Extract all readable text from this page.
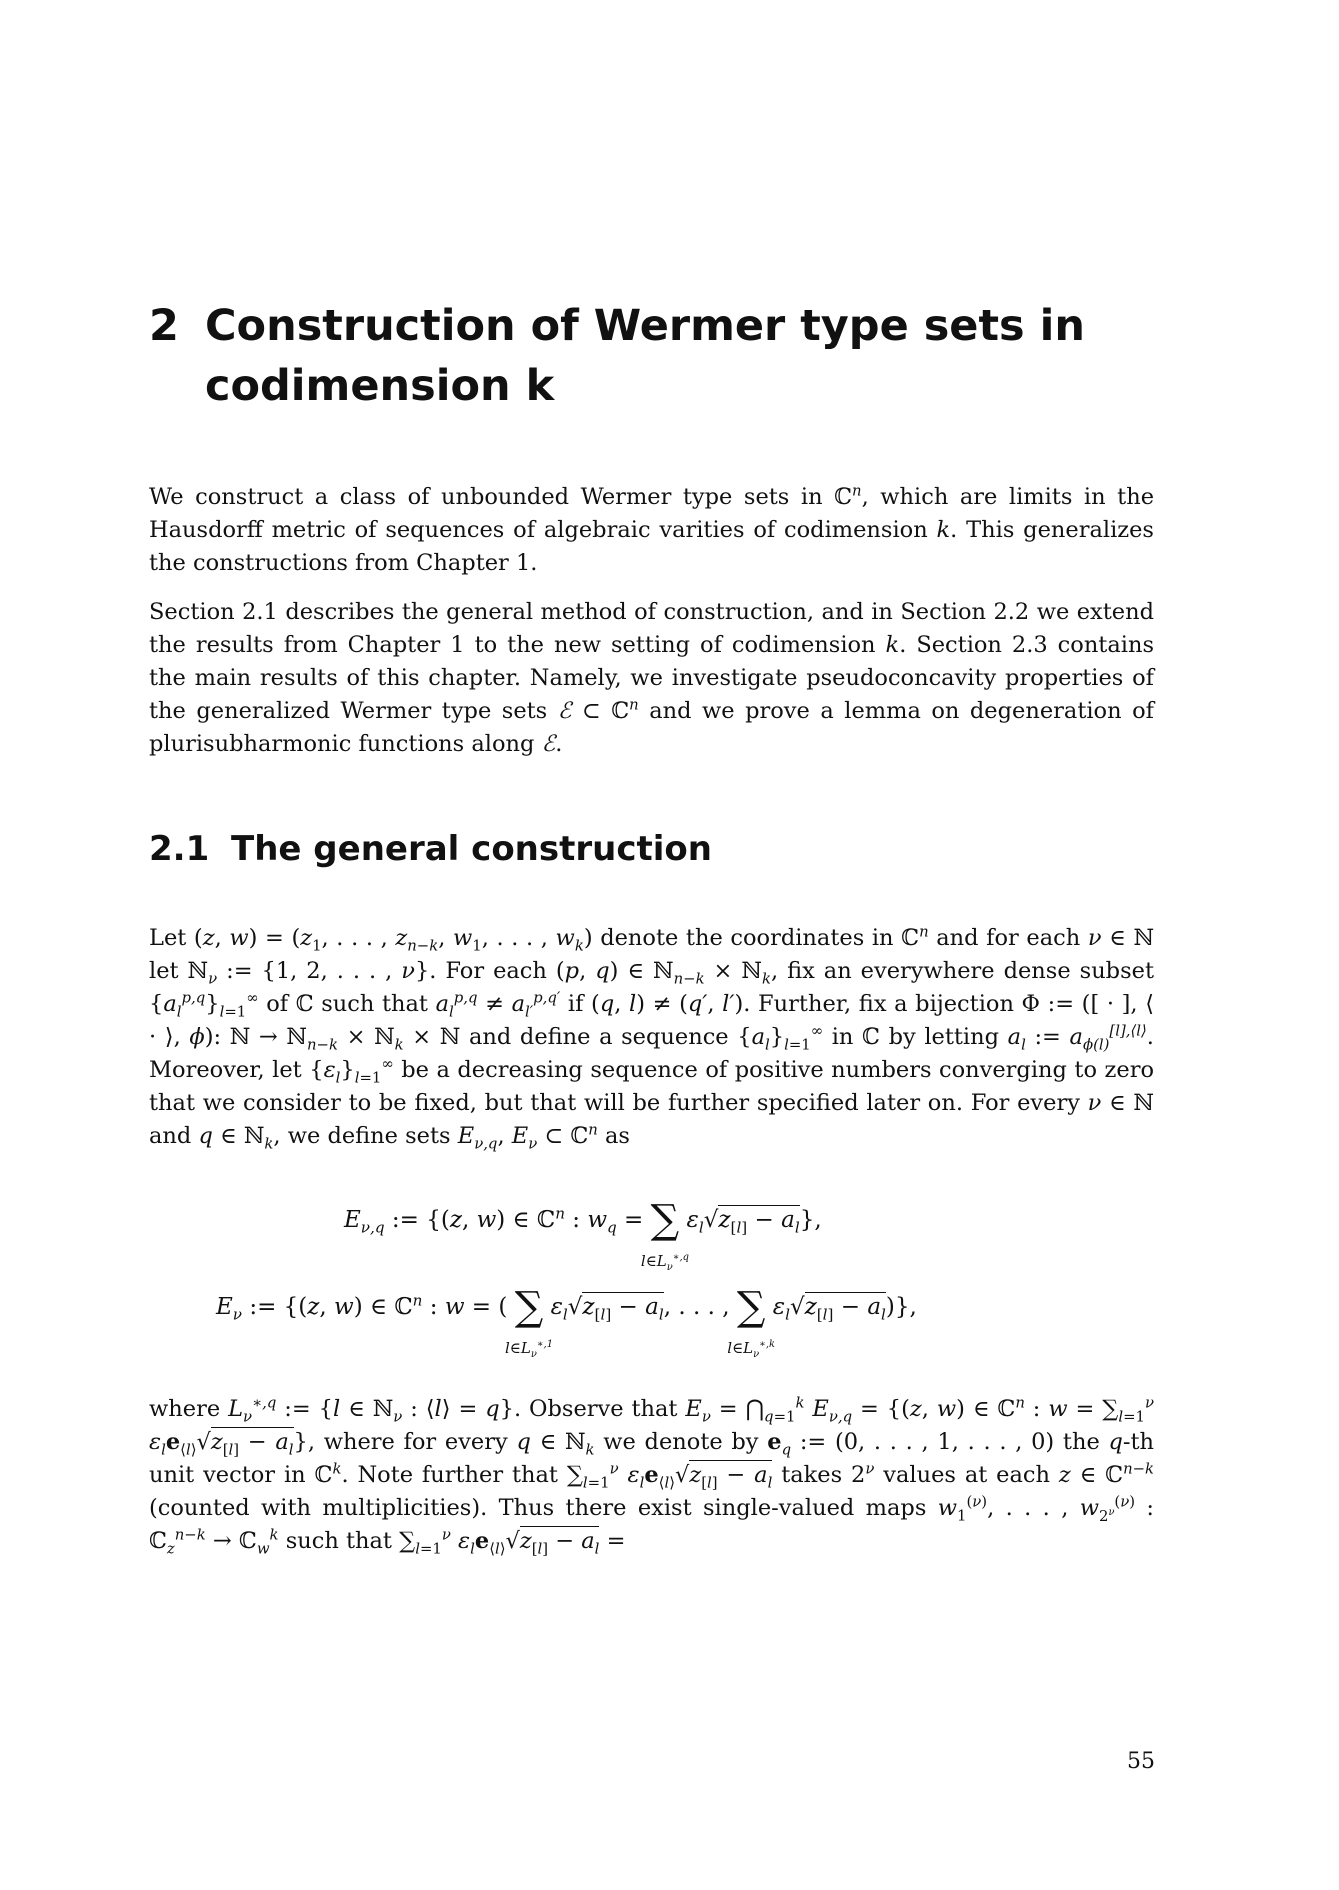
2 Construction of Wermer type sets in codimension k

We construct a class of unbounded Wermer type sets in ℂ$^n$, which are limits in the Hausdorff metric of sequences of algebraic varities of codimension k. This generalizes the constructions from Chapter 1.

Section 2.1 describes the general method of construction, and in Section 2.2 we extend the results from Chapter 1 to the new setting of codimension k. Section 2.3 contains the main results of this chapter. Namely, we investigate pseudoconcavity properties of the generalized Wermer type sets ℰ ⊂ ℂ$^n$ and we prove a lemma on degeneration of plurisubharmonic functions along ℰ.

2.1 The general construction

Let (z, $w) = (z_1$, . . . , $z_{n-k}$, $w_1$, . . . , $w_k$) denote the coordinates in ℂ$^n$ and for each ν ∈ ℕ let ℕ$_\nu$ := {1, 2, . . . , ν}. For each (p, q) ∈ ℕ$_{n-k}$ × ℕ$_k$, fix an everywhere dense subset $\{a_l^{p,q}\}_{l=1}^\infty$ of ℂ such that $a_l^{p,q} \ne a_{l'}^{p,q'}$ if (q, l) ≠ (q′, l′). Further, fix a bijection Φ := ([ · ], ⟨ · ⟩, ϕ): ℕ → ℕ$_{n-k}$ × ℕ$_k$ × ℕ and define a sequence $\{a_l\}_{l=1}^\infty$ in ℂ by letting $a_l$ := $a_{\phi(l)}^{[l],⟨l⟩}$. Moreover, let $\{\varepsilon_l\}_{l=1}^\infty$ be a decreasing sequence of positive numbers converging to zero that we consider to be fixed, but that will be further specified later on. For every ν ∈ ℕ and q ∈ ℕ$_k$, we define sets $E_{\nu,q}$, $E_\nu$ ⊂ ℂ$^n$ as

$E_{\nu,q}$ := {(z, w) ∈ ℂ$^n$ : $w_q$ = ∑
$l\in L_\nu^{∗,q}$
$\varepsilon_l√z_{[l]} - a_l$},
$E_\nu$ := {(z, w) ∈ ℂ$^n$ : w = ( ∑
$l\in L_\nu^{∗,1}$
$\varepsilon_l√z_{[l]} - a_l$, . . . , ∑
$l\in L_\nu^{∗,k}$
$\varepsilon_l√z_{[l]} - a_l$)},

where $L_\nu^{∗,q}$ := {l ∈ ℕ$_\nu$ : ⟨l⟩ = q}. Observe that $E_\nu$ = $⋂_{q=1}^k$ $E_{\nu,q} = \{(z$, w) ∈ ℂ$^n$ : $w = \sum_{l=1}^\nu$ $\varepsilon_le_{⟨l⟩}√z_{[l]} - a_l$}, where for every q ∈ ℕ$_k$ we denote by $e_q$ := (0, . . . , 1, . . . , 0) the q-th unit vector in ℂ$^k$. Note further that $\sum_{l=1}^\nu$ $\varepsilon_le_{⟨l⟩}√z_{[l]} - a_l$ takes $2^\nu$ values at each z ∈ ℂ$^{n-k}$ (counted with multiplicities). Thus there exist single-valued maps $w_1^{(\nu)}$, . . . , $w_{2^\nu}^{(\nu)}$ : ℂ$_z^{n-k}$ → ℂ$_w^k$ such that $\sum_{l=1}^\nu$ $\varepsilon_le_{⟨l⟩}√z_{[l]} - a_l$ =

55
